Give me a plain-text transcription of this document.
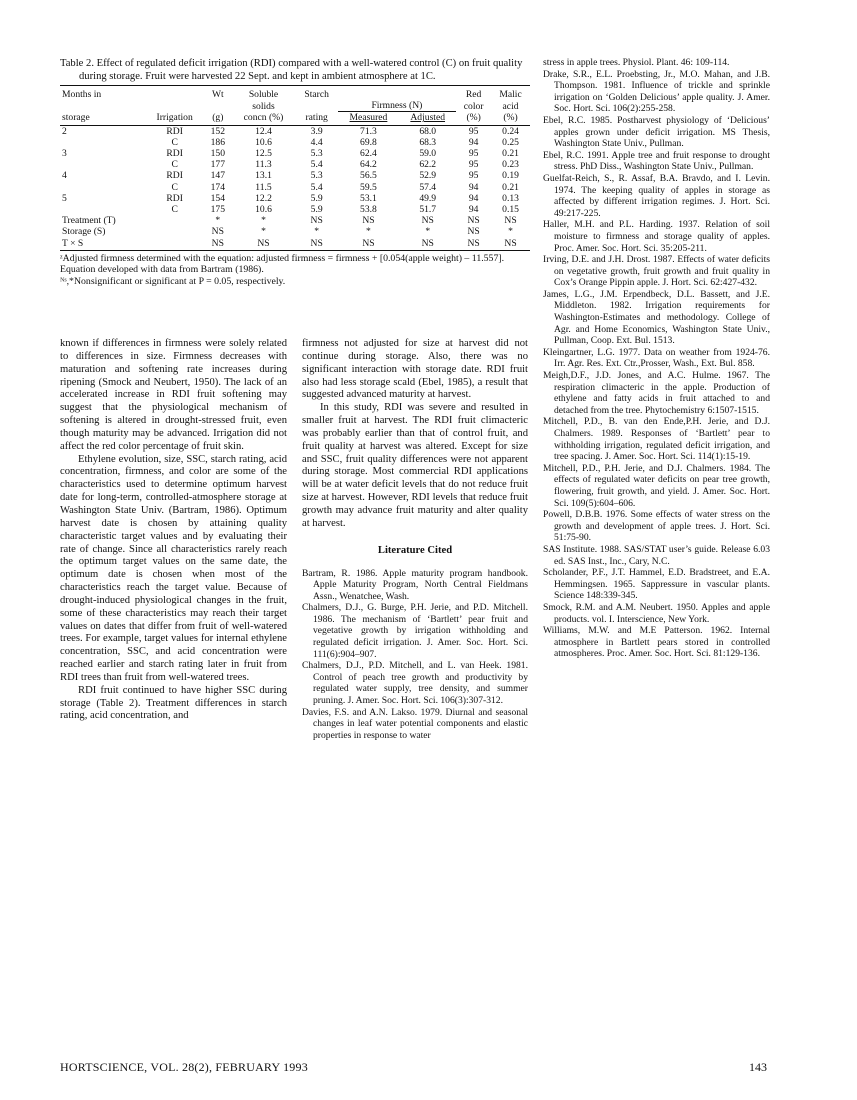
Table 2. Effect of regulated deficit irrigation (RDI) compared with a well-watered control (C) on fruit quality
during storage. Fruit were harvested 22 Sept. and kept in ambient atmosphere at 1C.
Months in		Wt	Soluble	Starch			Red	Malic
			solids		Firmness (N)		color	acid
storage	Irrigation	(g)	concn (%)	rating	Measured	Adjusted	(%)	(%)
2	RDI	152	12.4	3.9	71.3	68.0	95	0.24
	C	186	10.6	4.4	69.8	68.3	94	0.25
3	RDI	150	12.5	5.3	62.4	59.0	95	0.21
	C	177	11.3	5.4	64.2	62.2	95	0.23
4	RDI	147	13.1	5.3	56.5	52.9	95	0.19
	C	174	11.5	5.4	59.5	57.4	94	0.21
5	RDI	154	12.2	5.9	53.1	49.9	94	0.13
	C	175	10.6	5.9	53.8	51.7	94	0.15
Treatment (T)		*	*	NS	NS	NS	NS	NS
Storage (S)		NS	*	*	*	*	NS	*
T × S		NS	NS	NS	NS	NS	NS	NS
ᶻAdjusted firmness determined with the equation: adjusted firmness = firmness + [0.054(apple weight) – 11.557]. Equation developed with data from Bartram (1986).
ᴺˢ,*Nonsignificant or significant at P = 0.05, respectively.

known if differences in firmness were solely related to differences in size. Firmness decreases with maturation and softening rate increases during ripening (Smock and Neubert, 1950). The lack of an accelerated increase in RDI fruit softening may suggest that the physiological mechanism of softening is altered in drought-stressed fruit, even though maturity may be advanced. Irrigation did not affect the red color percentage of fruit skin.

Ethylene evolution, size, SSC, starch rating, acid concentration, firmness, and color are some of the characteristics used to determine optimum harvest date for long-term, controlled-atmosphere storage at Washington State Univ. (Bartram, 1986). Optimum harvest date is chosen by attaining quality characteristic target values and by evaluating their rate of change. Since all characteristics rarely reach the optimum target values on the same date, the optimum date is chosen when most of the characteristics reach the target value. Because of drought-induced physiological changes in the fruit, some of these characteristics may reach their target values on dates that differ from fruit of well-watered trees. For example, target values for internal ethylene concentration, SSC, and acid concentration were reached earlier and starch rating later in fruit from RDI trees than fruit from well-watered trees.

RDI fruit continued to have higher SSC during storage (Table 2). Treatment differences in starch rating, acid concentration, and

firmness not adjusted for size at harvest did not continue during storage. Also, there was no significant interaction with storage date. RDI fruit also had less storage scald (Ebel, 1985), a result that suggested advanced maturity at harvest.

In this study, RDI was severe and resulted in smaller fruit at harvest. The RDI fruit climacteric was probably earlier than that of control fruit, and fruit quality at harvest was altered. Except for size and SSC, fruit quality differences were not apparent during storage. Most commercial RDI applications will be at water deficit levels that do not reduce fruit size at harvest. However, RDI levels that reduce fruit growth may advance fruit maturity and alter quality at harvest.

Literature Cited

Bartram, R. 1986. Apple maturity program handbook. Apple Maturity Program, North Central Fieldmans Assn., Wenatchee, Wash.

Chalmers, D.J., G. Burge, P.H. Jerie, and P.D. Mitchell. 1986. The mechanism of ‘Bartlett’ pear fruit and vegetative growth by irrigation withholding and regulated deficit irrigation. J. Amer. Soc. Hort. Sci. 111(6):904–907.

Chalmers, D.J., P.D. Mitchell, and L. van Heek. 1981. Control of peach tree growth and productivity by regulated water supply, tree density, and summer pruning. J. Amer. Soc. Hort. Sci. 106(3):307-312.

Davies, F.S. and A.N. Lakso. 1979. Diurnal and seasonal changes in leaf water potential components and elastic properties in response to water

stress in apple trees. Physiol. Plant. 46: 109-114.

Drake, S.R., E.L. Proebsting, Jr., M.O. Mahan, and J.B. Thompson. 1981. Influence of trickle and sprinkle irrigation on ‘Golden Delicious’ apple quality. J. Amer. Soc. Hort. Sci. 106(2):255-258.

Ebel, R.C. 1985. Postharvest physiology of ‘Delicious’ apples grown under deficit irrigation. MS Thesis, Washington State Univ., Pullman.

Ebel, R.C. 1991. Apple tree and fruit response to drought stress. PhD Diss., Washington State Univ., Pullman.

Guelfat-Reich, S., R. Assaf, B.A. Bravdo, and I. Levin. 1974. The keeping quality of apples in storage as affected by different irrigation regimes. J. Hort. Sci. 49:217-225.

Haller, M.H. and P.L. Harding. 1937. Relation of soil moisture to firmness and storage quality of apples. Proc. Amer. Soc. Hort. Sci. 35:205-211.

Irving, D.E. and J.H. Drost. 1987. Effects of water deficits on vegetative growth, fruit growth and fruit quality in Cox’s Orange Pippin apple. J. Hort. Sci. 62:427-432.

James, L.G., J.M. Erpendbeck, D.L. Bassett, and J.E. Middleton. 1982. Irrigation requirements for Washington-Estimates and methodology. College of Agr. and Home Economics, Washington State Univ., Pullman, Coop. Ext. Bul. 1513.

Kleingartner, L.G. 1977. Data on weather from 1924-76. Irr. Agr. Res. Ext. Ctr.,Prosser, Wash., Ext. Bul. 858.

Meigh,D.F., J.D. Jones, and A.C. Hulme. 1967. The respiration climacteric in the apple. Production of ethylene and fatty acids in fruit attached to and detached from the tree. Phytochemistry 6:1507-1515.

Mitchell, P.D., B. van den Ende,P.H. Jerie, and D.J. Chalmers. 1989. Responses of ‘Bartlett’ pear to withholding irrigation, regulated deficit irrigation, and tree spacing. J. Amer. Soc. Hort. Sci. 114(1):15-19.

Mitchell, P.D., P.H. Jerie, and D.J. Chalmers. 1984. The effects of regulated water deficits on pear tree growth, flowering, fruit growth, and yield. J. Amer. Soc. Hort. Sci. 109(5):604–606.

Powell, D.B.B. 1976. Some effects of water stress on the growth and development of apple trees. J. Hort. Sci. 51:75-90.

SAS Institute. 1988. SAS/STAT user’s guide. Release 6.03 ed. SAS Inst., Inc., Cary, N.C.

Scholander, P.F., J.T. Hammel, E.D. Bradstreet, and E.A. Hemmingsen. 1965. Sappressure in vascular plants. Science 148:339-345.

Smock, R.M. and A.M. Neubert. 1950. Apples and apple products. vol. I. Interscience, New York.

Williams, M.W. and M.E Patterson. 1962. Internal atmosphere in Bartlett pears stored in controlled atmospheres. Proc. Amer. Soc. Hort. Sci. 81:129-136.

HORTSCIENCE, VOL. 28(2), FEBRUARY 1993	143
